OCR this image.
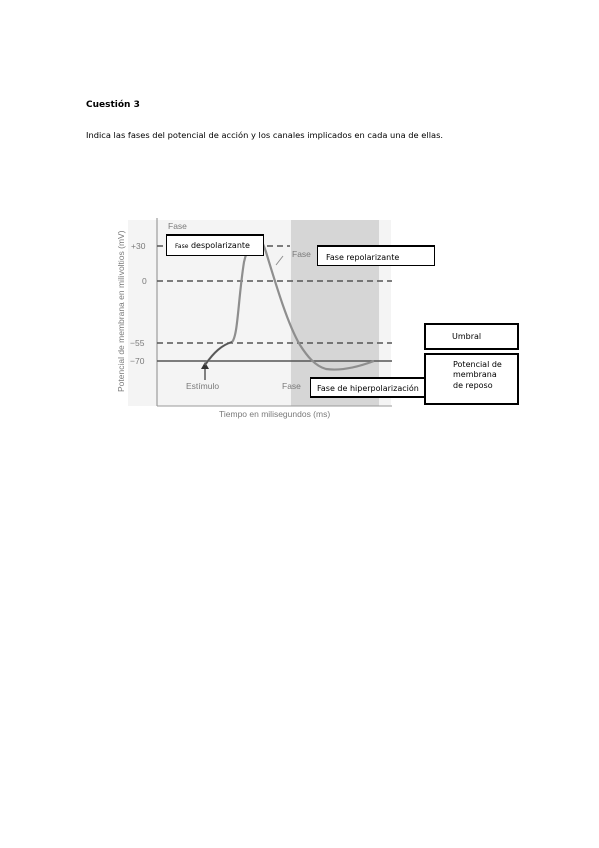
Cuestión 3
Indica las fases del potencial de acción y los canales implicados en cada una de ellas.
+30
0
−55
−70
Potencial de membrana en milivoltios (mV)
Tiempo en milisegundos (ms)
Fase
Fase
Fase
Estímulo
Fase despolarizante
Fase repolarizante
Fase de hiperpolarización
Umbral
Potencial de
membrana
de reposo
